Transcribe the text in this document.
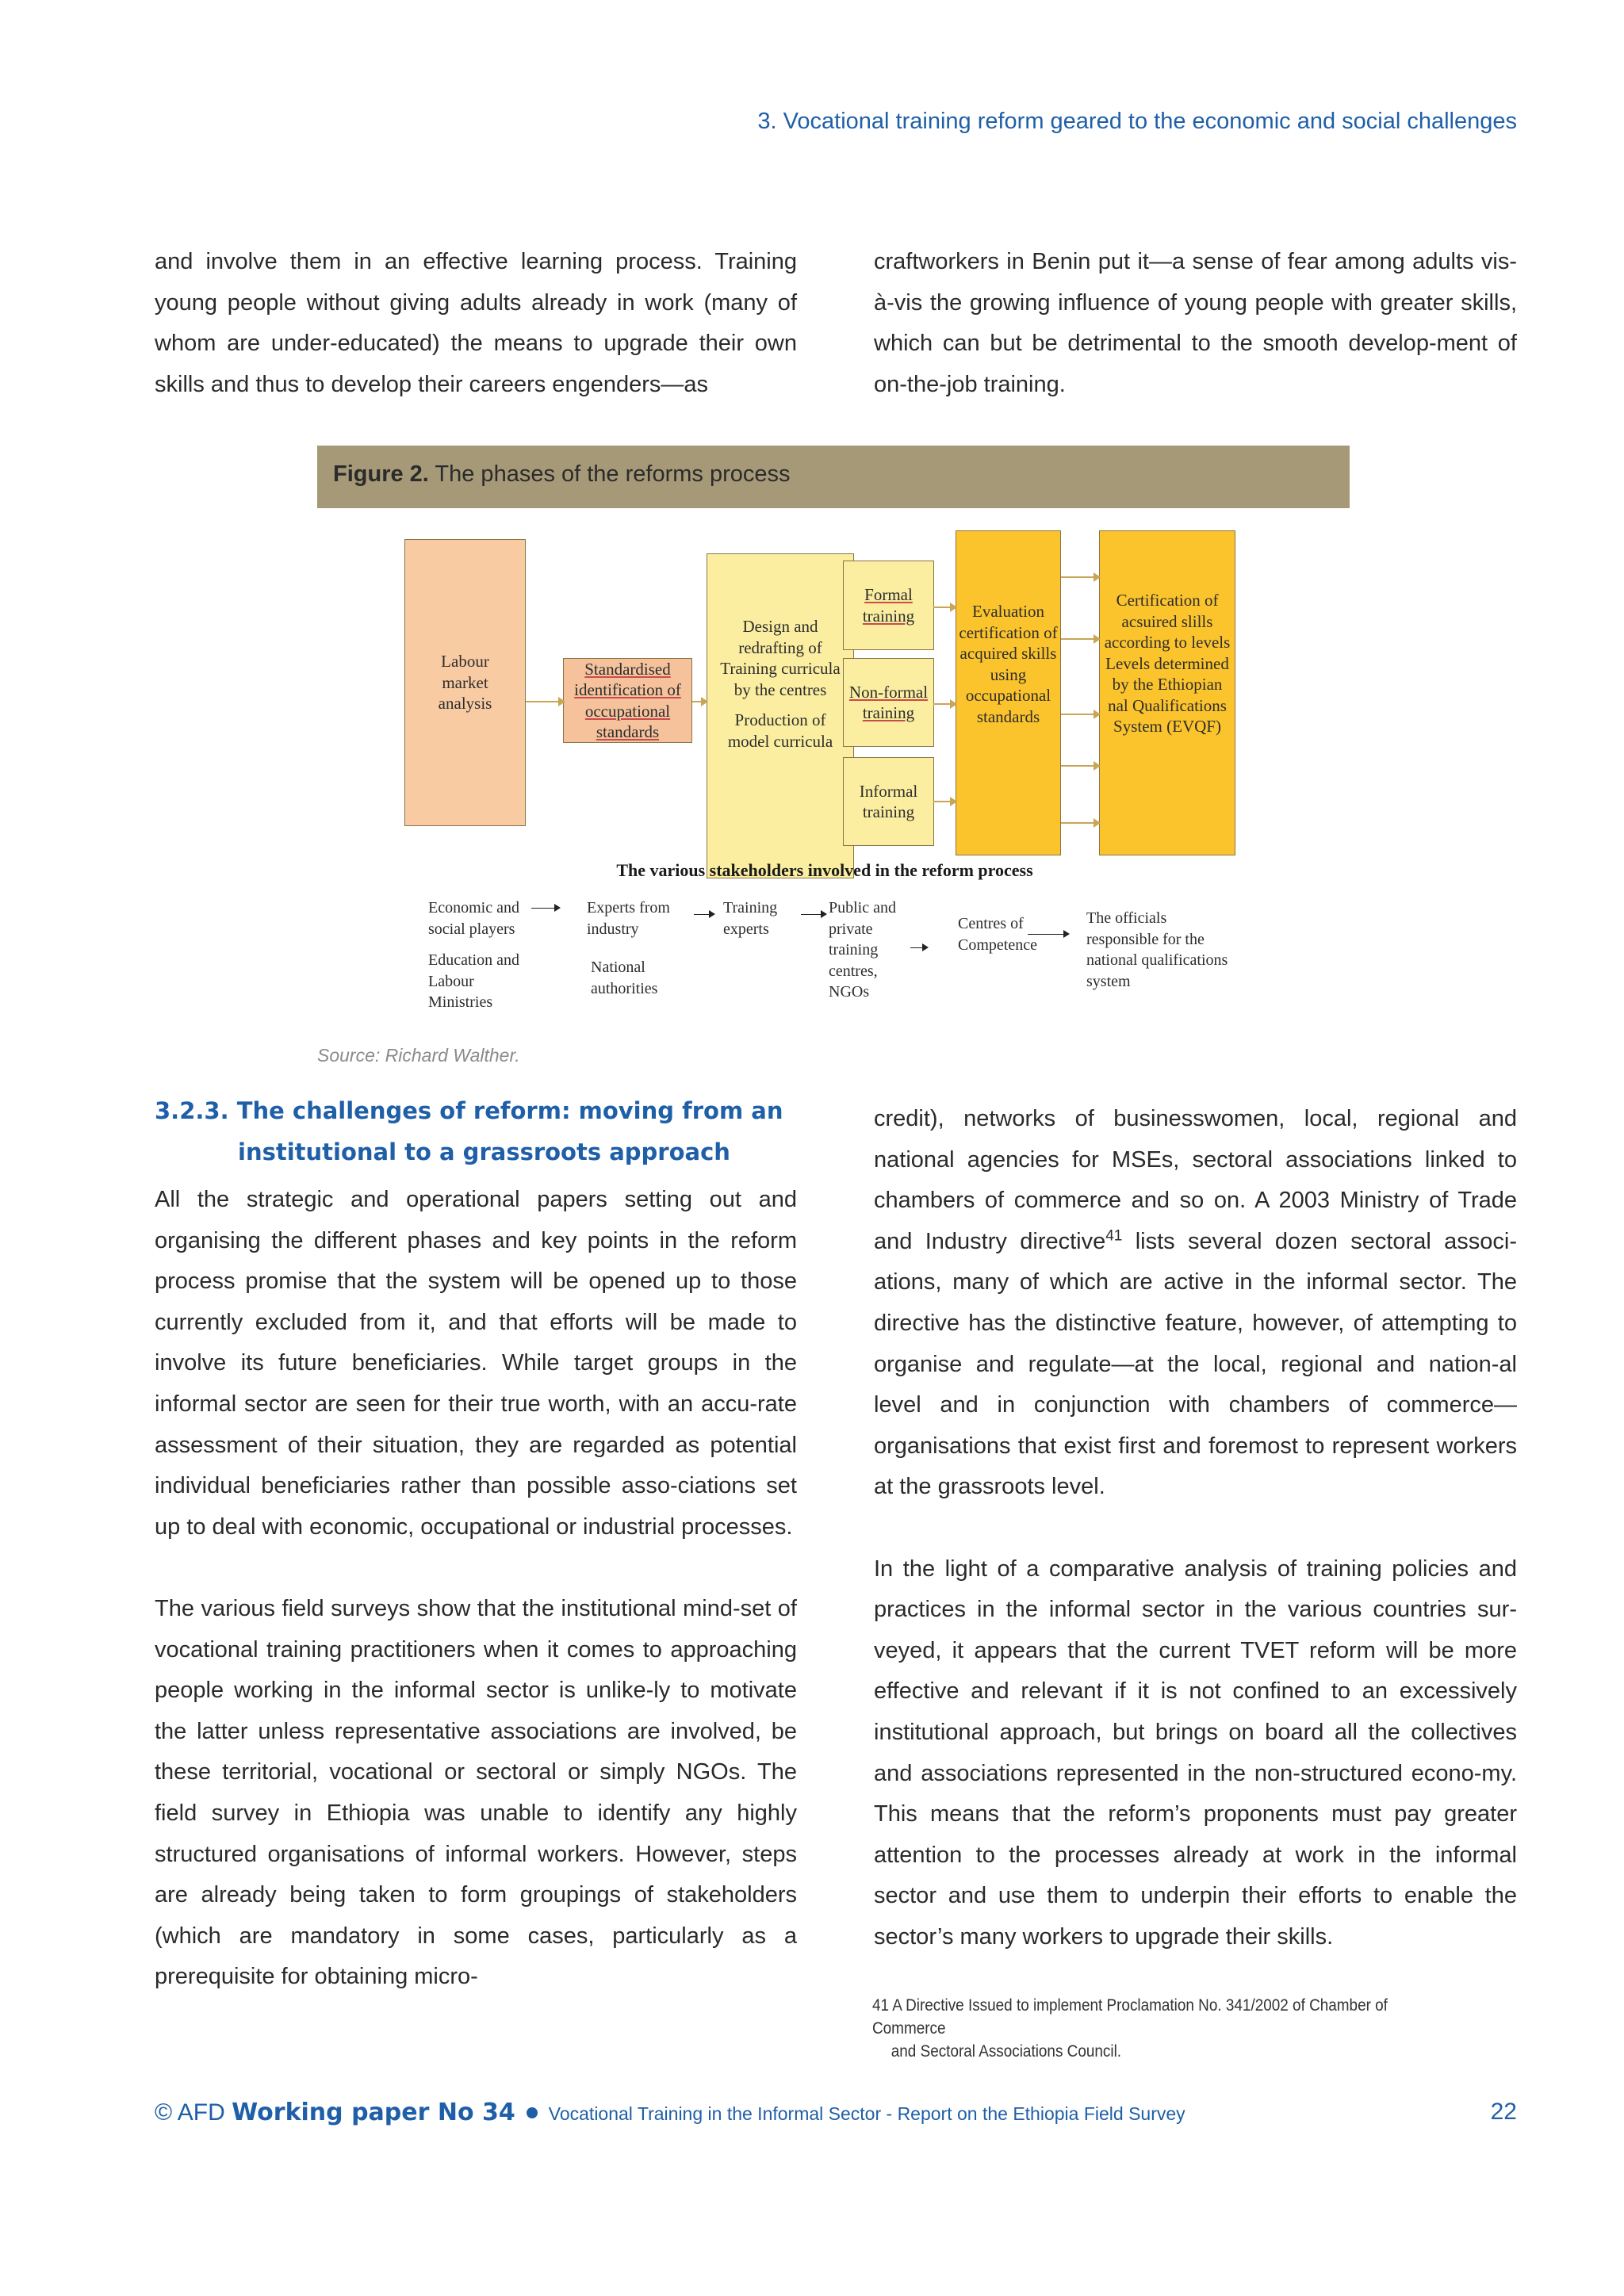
3. Vocational training reform geared to the economic and social challenges

and involve them in an effective learning process. Training young people without giving adults already in work (many of whom are under-educated) the means to upgrade their own skills and thus to develop their careers engenders—as

craftworkers in Benin put it—a sense of fear among adults vis-à-vis the growing influence of young people with greater skills, which can but be detrimental to the smooth develop-ment of on-the-job training.

Figure 2. The phases of the reforms process
Labour market analysis
Standardised identification of occupational standards
Design and redrafting of Training curricula by the centres
Production of model curricula
Formal training
Non-formal training
Informal training
Evaluation certification of acquired skills using occupational standards
Certification of acsuired slills according to levels Levels determined by the Ethiopian nal Qualifications System (EVQF)
The various stakeholders involved in the reform process
Economic and social players
Education and Labour Ministries
Experts from industry
National authorities
Training experts
Public and private training centres, NGOs
Centres of Competence
The officials responsible for the national qualifications system
Source: Richard Walther.
3.2.3. The challenges of reform: moving from an
institutional to a grassroots approach
All the strategic and operational papers setting out and organising the different phases and key points in the reform process promise that the system will be opened up to those currently excluded from it, and that efforts will be made to involve its future beneficiaries. While target groups in the informal sector are seen for their true worth, with an accu-rate assessment of their situation, they are regarded as potential individual beneficiaries rather than possible asso-ciations set up to deal with economic, occupational or industrial processes.
The various field surveys show that the institutional mind-set of vocational training practitioners when it comes to approaching people working in the informal sector is unlike-ly to motivate the latter unless representative associations are involved, be these territorial, vocational or sectoral or simply NGOs. The field survey in Ethiopia was unable to identify any highly structured organisations of informal workers. However, steps are already being taken to form groupings of stakeholders (which are mandatory in some cases, particularly as a prerequisite for obtaining micro-
credit), networks of businesswomen, local, regional and national agencies for MSEs, sectoral associations linked to chambers of commerce and so on. A 2003 Ministry of Trade and Industry directive$^{41}$ lists several dozen sectoral associ-ations, many of which are active in the informal sector. The directive has the distinctive feature, however, of attempting to organise and regulate—at the local, regional and nation-al level and in conjunction with chambers of commerce— organisations that exist first and foremost to represent workers at the grassroots level.
In the light of a comparative analysis of training policies and practices in the informal sector in the various countries sur-veyed, it appears that the current TVET reform will be more effective and relevant if it is not confined to an excessively institutional approach, but brings on board all the collectives and associations represented in the non-structured econo-my. This means that the reform’s proponents must pay greater attention to the processes already at work in the informal sector and use them to underpin their efforts to enable the sector’s many workers to upgrade their skills.
41 A Directive Issued to implement Proclamation No. 341/2002 of Chamber of Commerce
and Sectoral Associations Council.
© AFD Working paper No 34 Vocational Training in the Informal Sector - Report on the Ethiopia Field Survey	22
